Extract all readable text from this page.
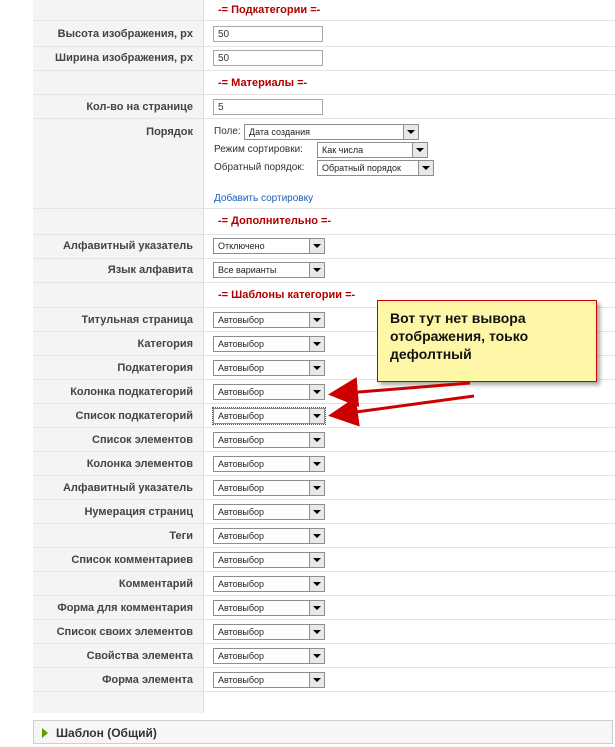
-= Подкатегории =-
Высота изображения, px	50
Ширина изображения, px	50
-= Материалы =-
Кол-во на странице	5
Порядок Поле: Дата создания
Режим сортировки:	Как числа
Обратный порядок:	Обратный порядок
Добавить сортировку
-= Дополнительно =-
Алфавитный указатель	Отключено
Язык алфавита	Все варианты
-= Шаблоны категории =-
Титульная страница	Автовыбор
Категория	Автовыбор
Подкатегория	Автовыбор
Колонка подкатегорий	Автовыбор
Список подкатегорий	Автовыбор
Список элементов	Автовыбор
Колонка элементов	Автовыбор
Алфавитный указатель	Автовыбор
Нумерация страниц	Автовыбор
Теги	Автовыбор
Список комментариев	Автовыбор
Комментарий	Автовыбор
Форма для комментария	Автовыбор
Список своих элементов	Автовыбор
Свойства элемента	Автовыбор
Форма элемента	Автовыбор
Вот тут нет вывора отображения, тоько дефолтный
Шаблон (Общий)
